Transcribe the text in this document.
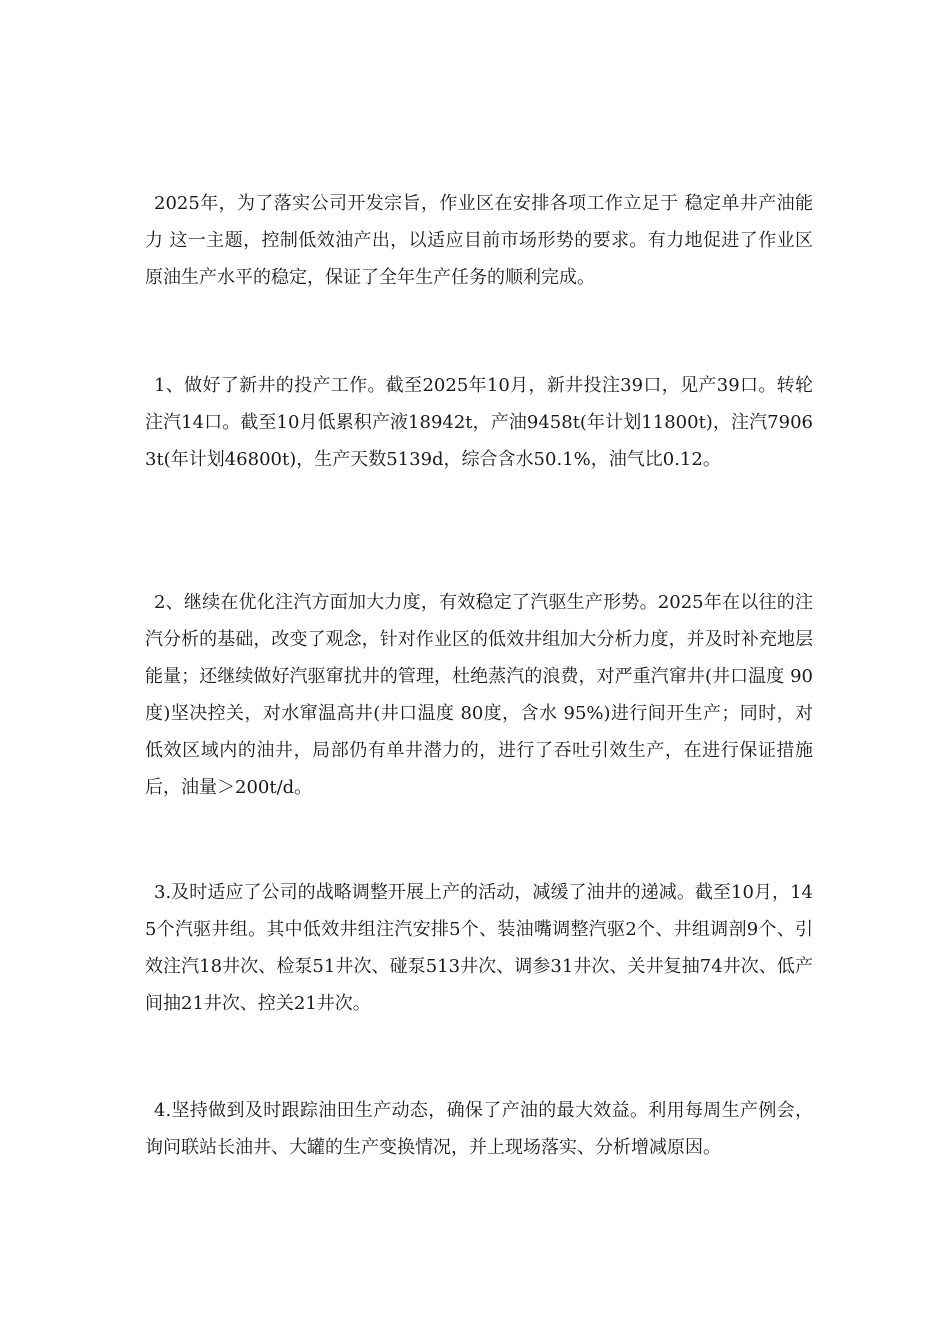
2025年，为了落实公司开发宗旨，作业区在安排各项工作立足于 稳定单井产油能力 这一主题，控制低效油产出，以适应目前市场形势的要求。有力地促进了作业区原油生产水平的稳定，保证了全年生产任务的顺利完成。

1、做好了新井的投产工作。截至2025年10月，新井投注39口，见产39口。转轮注汽14口。截至10月低累积产液18942t，产油9458t(年计划11800t)，注汽79063t(年计划46800t)，生产天数5139d，综合含水50.1%，油气比0.12。

2、继续在优化注汽方面加大力度，有效稳定了汽驱生产形势。2025年在以往的注汽分析的基础，改变了观念，针对作业区的低效井组加大分析力度，并及时补充地层能量；还继续做好汽驱窜扰井的管理，杜绝蒸汽的浪费，对严重汽窜井(井口温度 90度)坚决控关，对水窜温高井(井口温度 80度，含水 95%)进行间开生产；同时，对低效区域内的油井，局部仍有单井潜力的，进行了吞吐引效生产，在进行保证措施后，油量＞200t/d。

3.及时适应了公司的战略调整开展上产的活动，减缓了油井的递减。截至10月，145个汽驱井组。其中低效井组注汽安排5个、装油嘴调整汽驱2个、井组调剖9个、引效注汽18井次、检泵51井次、碰泵513井次、调参31井次、关井复抽74井次、低产间抽21井次、控关21井次。

4.坚持做到及时跟踪油田生产动态，确保了产油的最大效益。利用每周生产例会，询问联站长油井、大罐的生产变换情况，并上现场落实、分析增减原因。
